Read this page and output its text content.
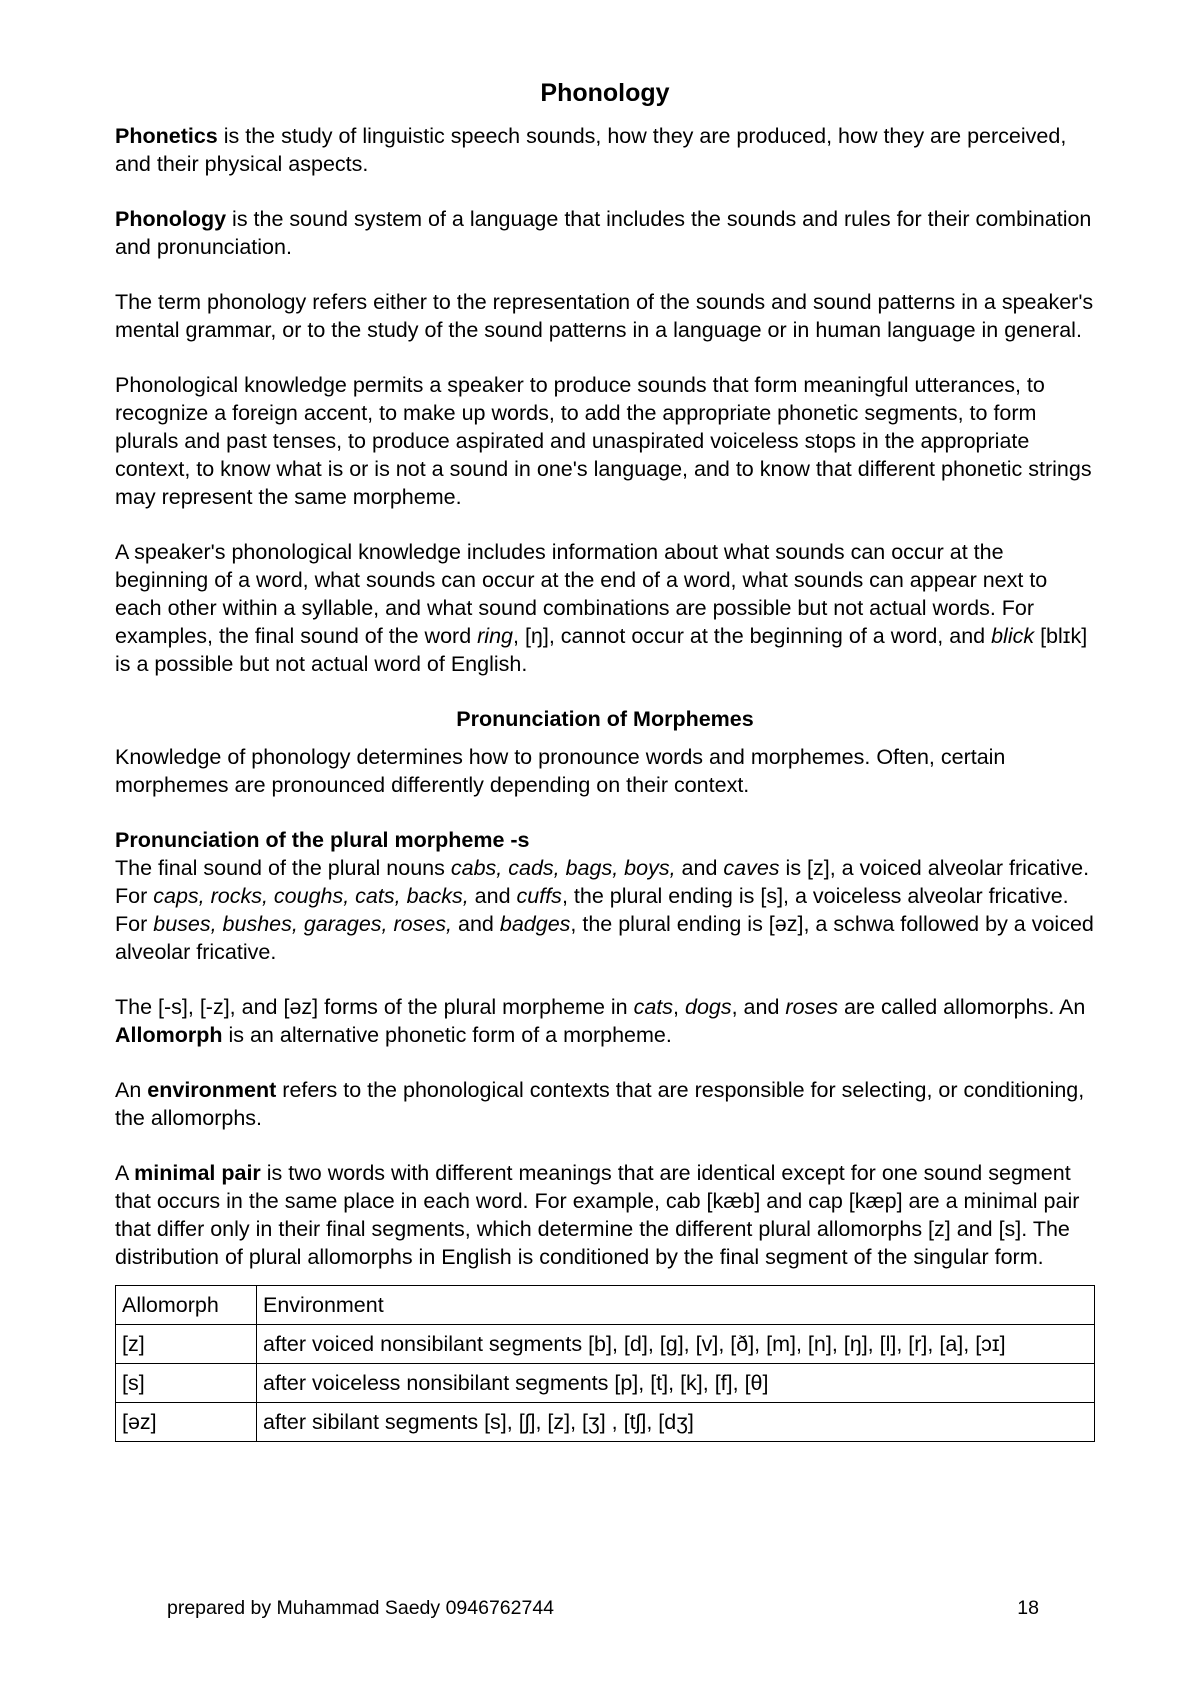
Phonology

Phonetics is the study of linguistic speech sounds, how they are produced, how they are perceived, and their physical aspects.

Phonology is the sound system of a language that includes the sounds and rules for their combination and pronunciation.

The term phonology refers either to the representation of the sounds and sound patterns in a speaker's mental grammar, or to the study of the sound patterns in a language or in human language in general.

Phonological knowledge permits a speaker to produce sounds that form meaningful utterances, to recognize a foreign accent, to make up words, to add the appropriate phonetic segments, to form plurals and past tenses, to produce aspirated and unaspirated voiceless stops in the appropriate context, to know what is or is not a sound in one's language, and to know that different phonetic strings may represent the same morpheme.

A speaker's phonological knowledge includes information about what sounds can occur at the beginning of a word, what sounds can occur at the end of a word, what sounds can appear next to each other within a syllable, and what sound combinations are possible but not actual words. For examples, the final sound of the word ring, [ŋ], cannot occur at the beginning of a word, and blick [blɪk] is a possible but not actual word of English.

Pronunciation of Morphemes

Knowledge of phonology determines how to pronounce words and morphemes. Often, certain morphemes are pronounced differently depending on their context.

Pronunciation of the plural morpheme -s

The final sound of the plural nouns cabs, cads, bags, boys, and caves is [z], a voiced alveolar fricative. For caps, rocks, coughs, cats, backs, and cuffs, the plural ending is [s], a voiceless alveolar fricative. For buses, bushes, garages, roses, and badges, the plural ending is [əz], a schwa followed by a voiced alveolar fricative.

The [-s], [-z], and [əz] forms of the plural morpheme in cats, dogs, and roses are called allomorphs. An Allomorph is an alternative phonetic form of a morpheme.

An environment refers to the phonological contexts that are responsible for selecting, or conditioning, the allomorphs.

A minimal pair is two words with different meanings that are identical except for one sound segment that occurs in the same place in each word. For example, cab [kæb] and cap [kæp] are a minimal pair that differ only in their final segments, which determine the different plural allomorphs [z] and [s]. The distribution of plural allomorphs in English is conditioned by the final segment of the singular form.

Allomorph	Environment
[z]	after voiced nonsibilant segments [b], [d], [g], [v], [ð], [m], [n], [ŋ], [l], [r], [a], [ɔɪ]
[s]	after voiceless nonsibilant segments [p], [t], [k], [f], [θ]
[əz]	after sibilant segments [s], [ʃ], [z], [ʒ] , [tʃ], [dʒ]
prepared by Muhammad Saedy 0946762744	18
